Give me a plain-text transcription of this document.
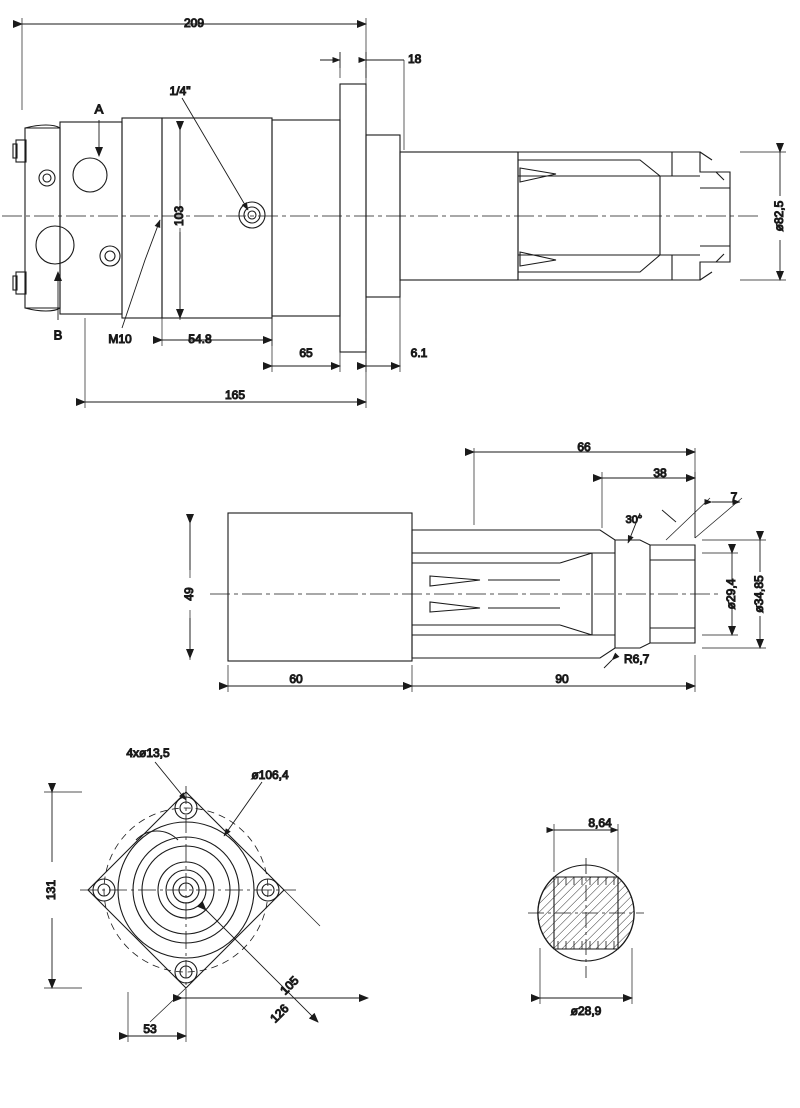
209
18
103
54.8
65	6.1
165
ø82,5
A
B	M10
1/4"
66
38
7
49
60	90
ø29,4 ø34,85
30°
R6,7
131
53
105
126
4xø13,5
ø106,4
8,64
ø28,9
